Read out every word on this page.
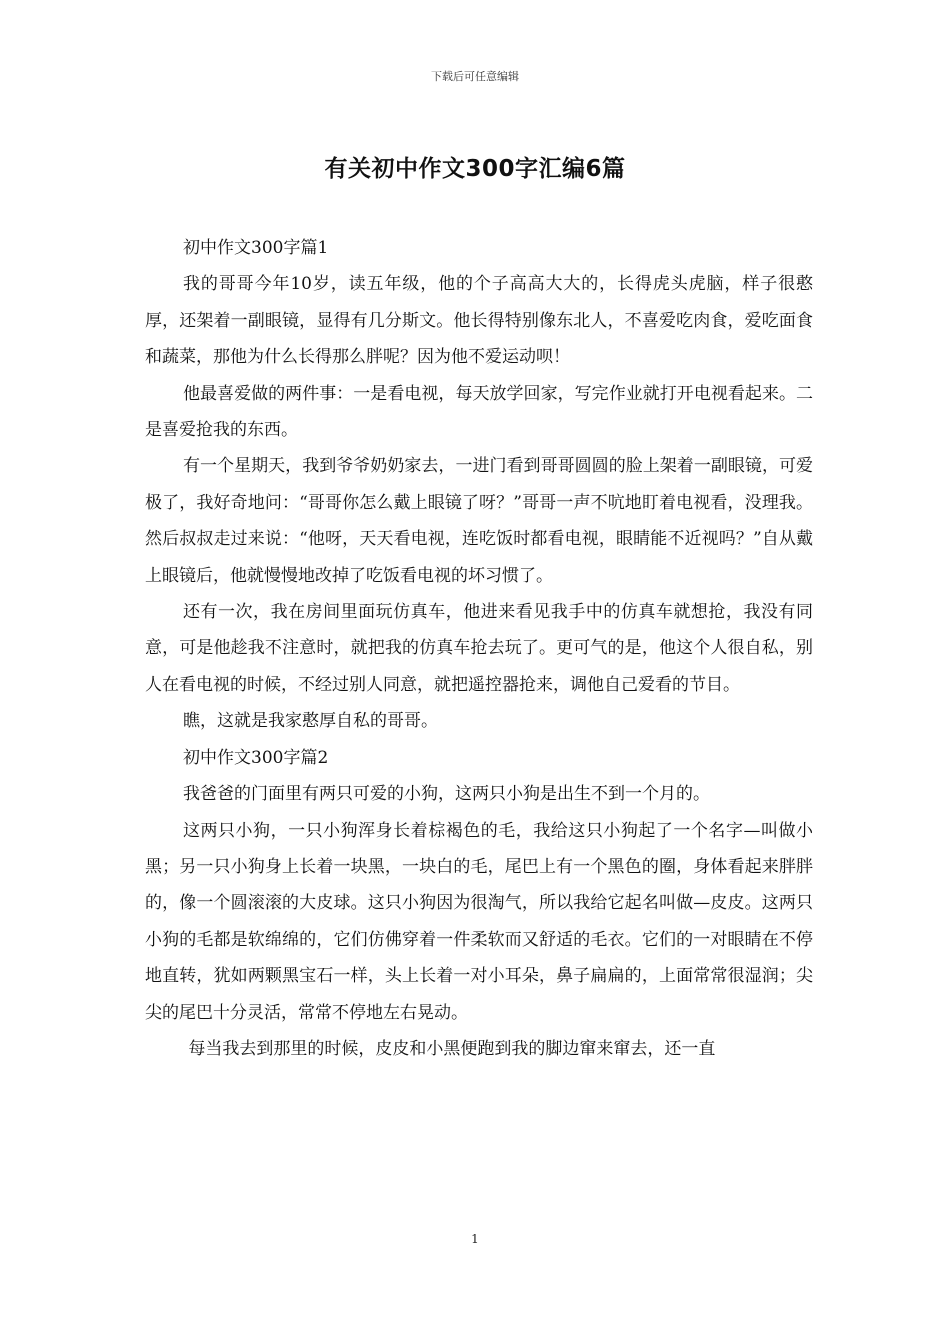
下载后可任意编辑
有关初中作文300字汇编6篇

初中作文300字篇1

我的哥哥今年10岁，读五年级，他的个子高高大大的，长得虎头虎脑，样子很憨厚，还架着一副眼镜，显得有几分斯文。他长得特别像东北人，不喜爱吃肉食，爱吃面食和蔬菜，那他为什么长得那么胖呢？因为他不爱运动呗！

他最喜爱做的两件事：一是看电视，每天放学回家，写完作业就打开电视看起来。二是喜爱抢我的东西。

有一个星期天，我到爷爷奶奶家去，一进门看到哥哥圆圆的脸上架着一副眼镜，可爱极了，我好奇地问：“哥哥你怎么戴上眼镜了呀？”哥哥一声不吭地盯着电视看，没理我。然后叔叔走过来说：“他呀，天天看电视，连吃饭时都看电视，眼睛能不近视吗？”自从戴上眼镜后，他就慢慢地改掉了吃饭看电视的坏习惯了。

还有一次，我在房间里面玩仿真车，他进来看见我手中的仿真车就想抢，我没有同意，可是他趁我不注意时，就把我的仿真车抢去玩了。更可气的是，他这个人很自私，别人在看电视的时候，不经过别人同意，就把遥控器抢来，调他自己爱看的节目。

瞧，这就是我家憨厚自私的哥哥。

初中作文300字篇2

我爸爸的门面里有两只可爱的小狗，这两只小狗是出生不到一个月的。

这两只小狗，一只小狗浑身长着棕褐色的毛，我给这只小狗起了一个名字—叫做小黑；另一只小狗身上长着一块黑，一块白的毛，尾巴上有一个黑色的圈，身体看起来胖胖的，像一个圆滚滚的大皮球。这只小狗因为很淘气，所以我给它起名叫做—皮皮。这两只小狗的毛都是软绵绵的，它们仿佛穿着一件柔软而又舒适的毛衣。它们的一对眼睛在不停地直转，犹如两颗黑宝石一样，头上长着一对小耳朵，鼻子扁扁的，上面常常很湿润；尖尖的尾巴十分灵活，常常不停地左右晃动。

每当我去到那里的时候，皮皮和小黑便跑到我的脚边窜来窜去，还一直

1
